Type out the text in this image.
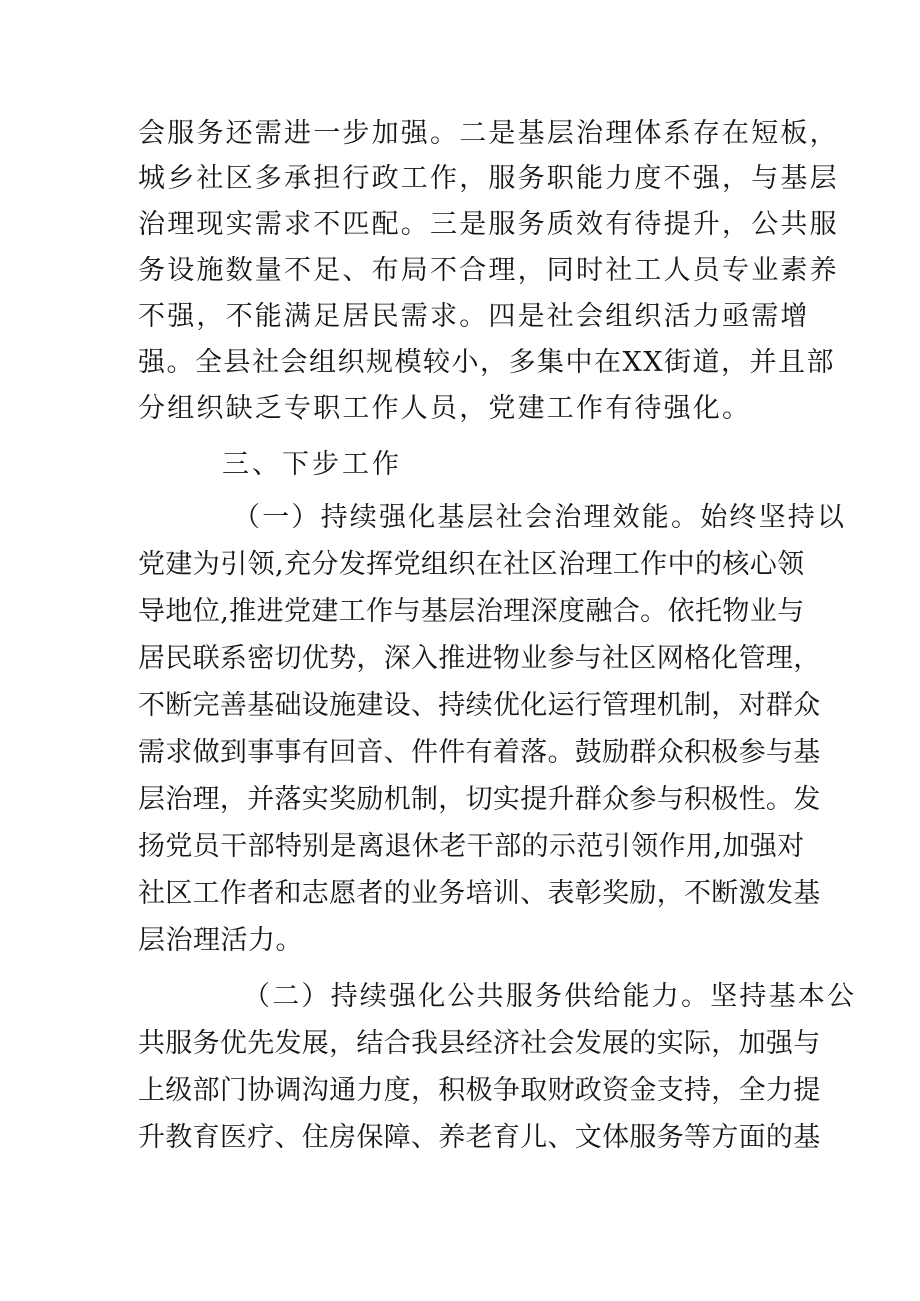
会服务还需进一步加强。二是基层治理体系存在短板，
城乡社区多承担行政工作，服务职能力度不强，与基层
治理现实需求不匹配。三是服务质效有待提升，公共服
务设施数量不足、布局不合理，同时社工人员专业素养
不强，不能满足居民需求。四是社会组织活力亟需增
强。全县社会组织规模较小，多集中在XX街道，并且部
分组织缺乏专职工作人员，党建工作有待强化。
三、下步工作
（一）持续强化基层社会治理效能。始终坚持以
党建为引领,充分发挥党组织在社区治理工作中的核心领
导地位,推进党建工作与基层治理深度融合。依托物业与
居民联系密切优势，深入推进物业参与社区网格化管理，
不断完善基础设施建设、持续优化运行管理机制，对群众
需求做到事事有回音、件件有着落。鼓励群众积极参与基
层治理，并落实奖励机制，切实提升群众参与积极性。发
扬党员干部特别是离退休老干部的示范引领作用,加强对
社区工作者和志愿者的业务培训、表彰奖励，不断激发基
层治理活力。
（二）持续强化公共服务供给能力。坚持基本公
共服务优先发展，结合我县经济社会发展的实际，加强与
上级部门协调沟通力度，积极争取财政资金支持，全力提
升教育医疗、住房保障、养老育儿、文体服务等方面的基
